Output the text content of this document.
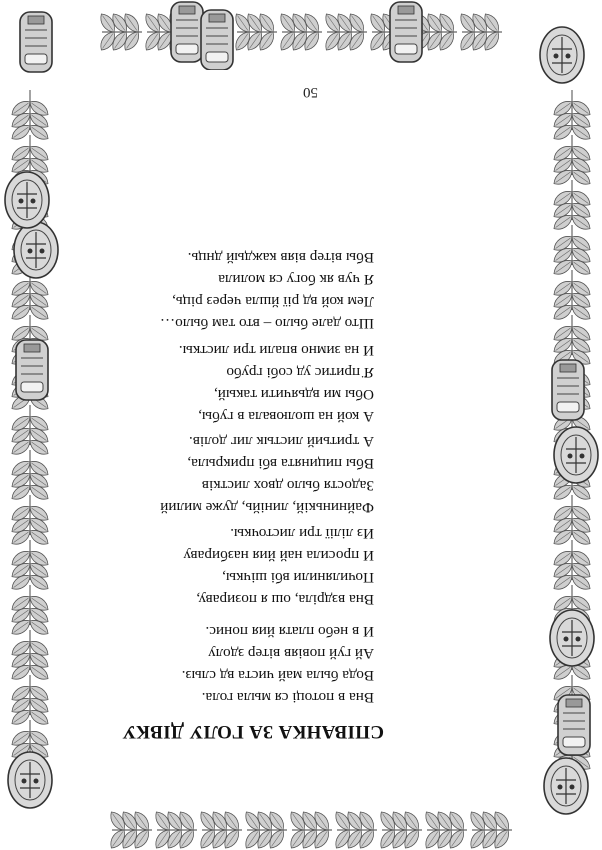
СПІВАНКА ЗА ГОЛУ ДІВКУ
Вна в потоці ся мыла гола.
Вода была май чиста вд слыз.
Ай гуй повіяв вітер здолу
И в небо платя йия понис.
Вна вздріла, ош я позираву,
Почилянили вбі шічкы,
И просила най йия назбираву
Из лілії три листочкы.
Файнинькій, линійь, дуже милий
Задостя было двох листків
Вбы пицинята вбі прикрыла,
А тритьий листык лиг долів.
А кой на шолювала в губы,
Обы ми вдьячити такый,
Я̈ притис уд собі грубо
И на зимно впали три листкы.
Што дале было – вто там было…
Лем кой вд рії йшла через ріць,
Я чув як богу ся молила
Вбы вітер віяв каждый днць.
50
